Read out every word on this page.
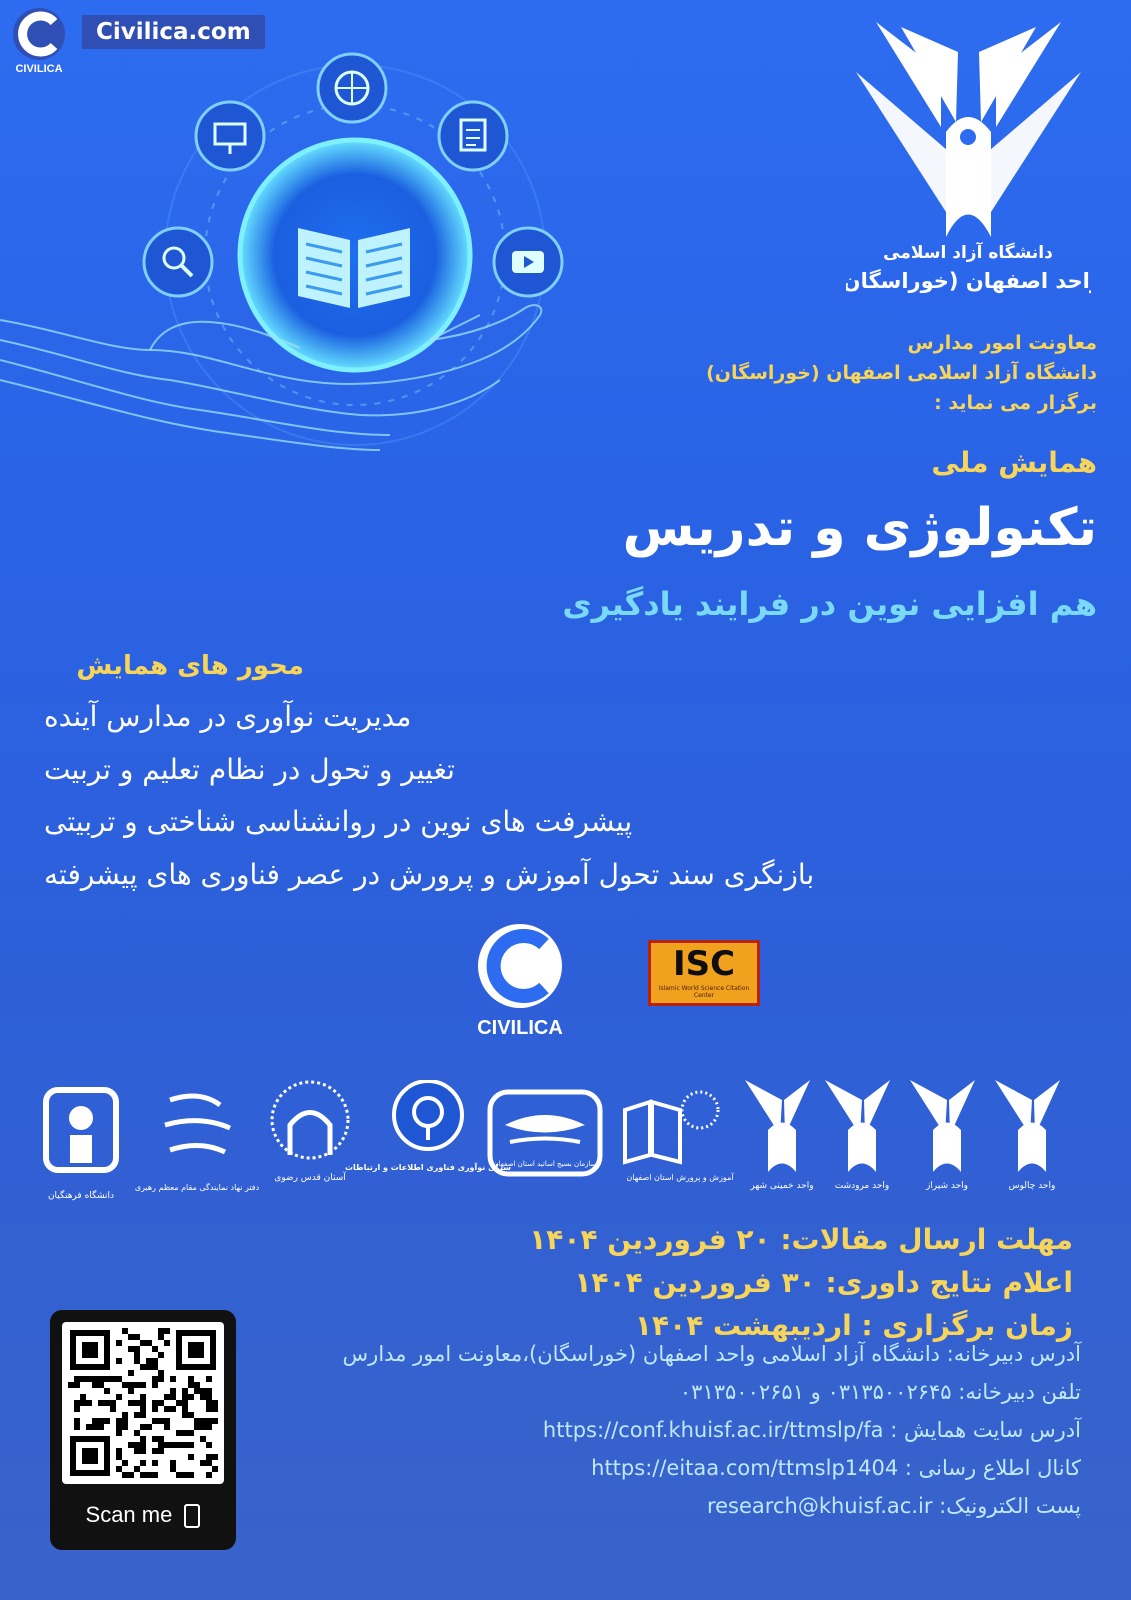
CIVILICA
Civilica.com
دانشگاه آزاد اسلامی
واحد اصفهان (خوراسگان)
معاونت امور مدارس
دانشگاه آزاد اسلامی اصفهان (خوراسگان)
برگزار می نماید :
همایش ملی
تکنولوژی و تدریس
هم افزایی نوین در فرایند یادگیری
محور های همایش
مدیریت نوآوری در مدارس آینده
تغییر و تحول در نظام تعلیم و تربیت
پیشرفت های نوین در روانشناسی شناختی و تربیتی
بازنگری سند تحول آموزش و پرورش در عصر فناوری های پیشرفته
CIVILICA
ISC
Islamic World Science Citation Center
دانشگاه فرهنگیان
دفتر نهاد نمایندگی مقام معظم رهبری
آستان قدس رضوی
سرای نوآوری فناوری اطلاعات و ارتباطات
سازمان بسیج اساتید استان اصفهان
آموزش و پرورش استان اصفهان
واحد خمینی شهر واحد مرودشت	واحد شیراز	واحد چالوس
مهلت ارسال مقالات: ۲۰ فروردین ۱۴۰۴
اعلام نتایج داوری: ۳۰ فروردین ۱۴۰۴
زمان برگزاری : اردیبهشت ۱۴۰۴
Scan me
آدرس دبیرخانه: دانشگاه آزاد اسلامی واحد اصفهان (خوراسگان)،معاونت امور مدارس
تلفن دبیرخانه: ۰۳۱۳۵۰۰۲۶۴۵ و ۰۳۱۳۵۰۰۲۶۵۱
آدرس سایت همایش : https://conf.khuisf.ac.ir/ttmslp/fa
کانال اطلاع رسانی : https://eitaa.com/ttmslp1404
پست الکترونیک: research@khuisf.ac.ir
